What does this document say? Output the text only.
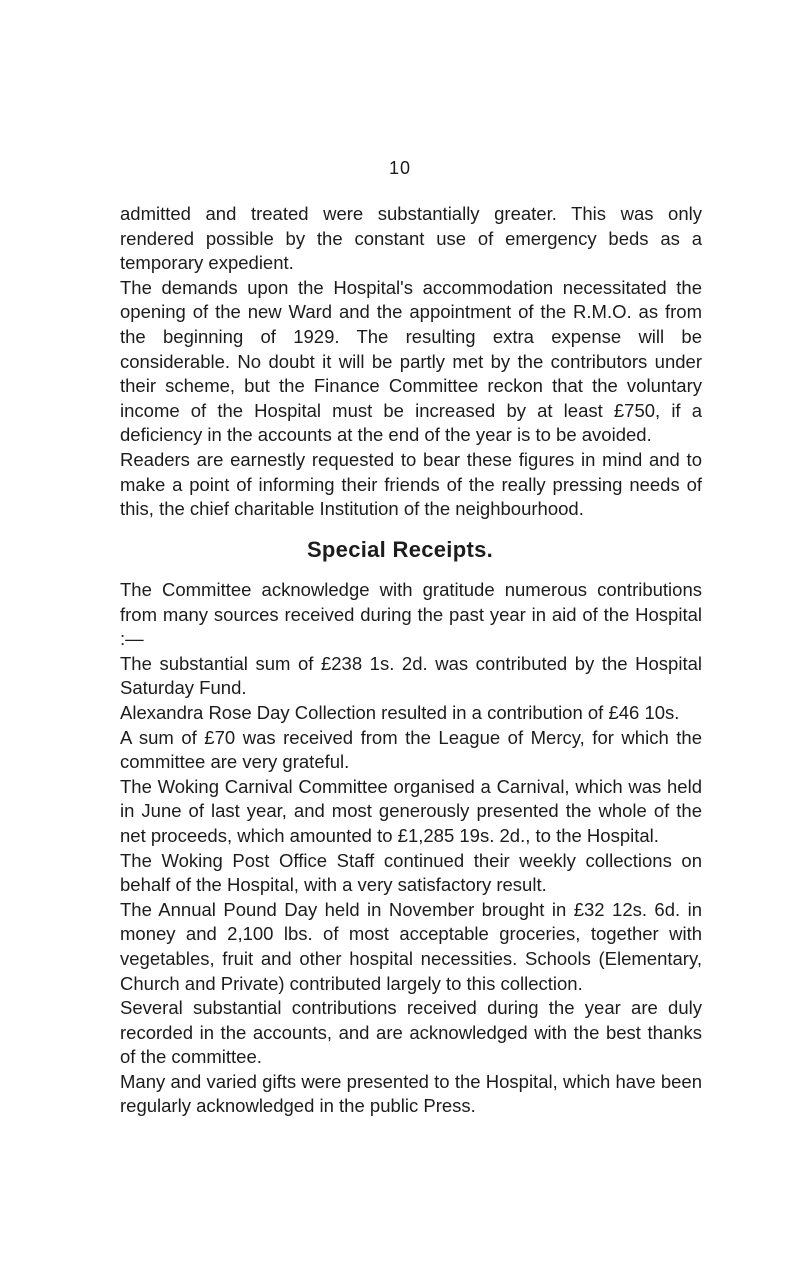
10

admitted and treated were substantially greater. This was only rendered possible by the constant use of emergency beds as a temporary expedient.

The demands upon the Hospital's accommodation necessitated the opening of the new Ward and the appointment of the R.M.O. as from the beginning of 1929. The resulting extra expense will be considerable. No doubt it will be partly met by the contributors under their scheme, but the Finance Committee reckon that the voluntary income of the Hospital must be increased by at least £750, if a deficiency in the accounts at the end of the year is to be avoided.

Readers are earnestly requested to bear these figures in mind and to make a point of informing their friends of the really pressing needs of this, the chief charitable Institution of the neighbourhood.

Special Receipts.

The Committee acknowledge with gratitude numerous contributions from many sources received during the past year in aid of the Hospital :—

The substantial sum of £238 1s. 2d. was contributed by the Hospital Saturday Fund.

Alexandra Rose Day Collection resulted in a contribution of £46 10s.

A sum of £70 was received from the League of Mercy, for which the committee are very grateful.

The Woking Carnival Committee organised a Carnival, which was held in June of last year, and most generously presented the whole of the net proceeds, which amounted to £1,285 19s. 2d., to the Hospital.

The Woking Post Office Staff continued their weekly collections on behalf of the Hospital, with a very satisfactory result.

The Annual Pound Day held in November brought in £32 12s. 6d. in money and 2,100 lbs. of most acceptable groceries, together with vegetables, fruit and other hospital necessities. Schools (Elementary, Church and Private) contributed largely to this collection.

Several substantial contributions received during the year are duly recorded in the accounts, and are acknowledged with the best thanks of the committee.

Many and varied gifts were presented to the Hospital, which have been regularly acknowledged in the public Press.
